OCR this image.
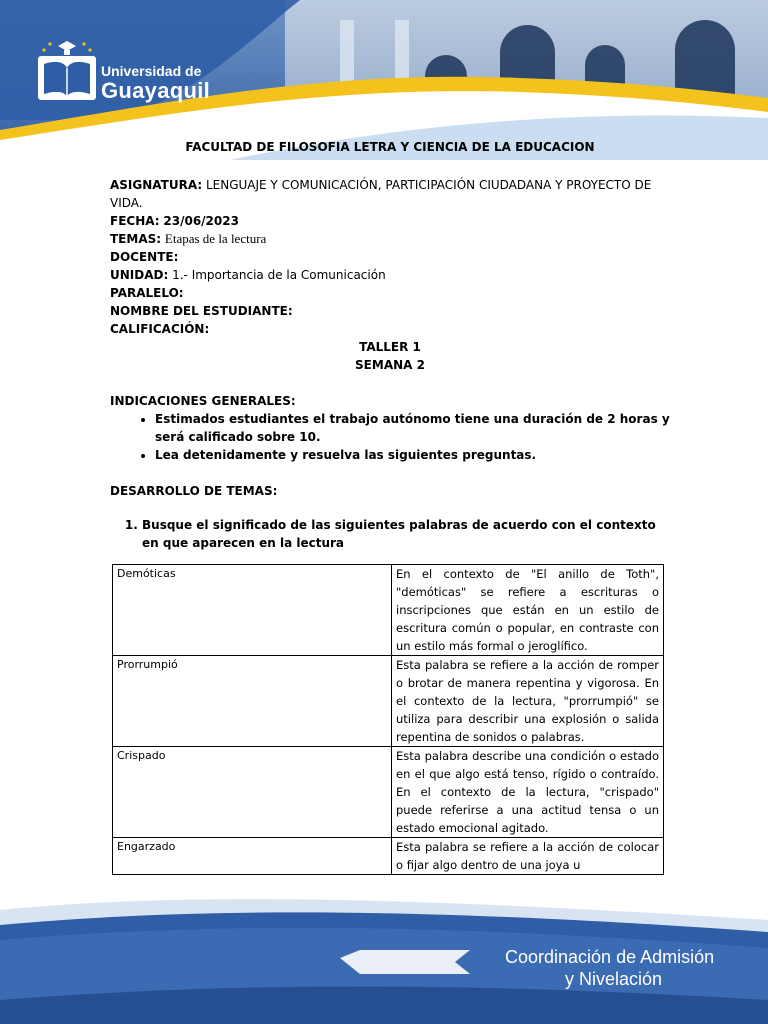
Universidad de
Guayaquil

FACULTAD DE FILOSOFIA LETRA Y CIENCIA DE LA EDUCACION

ASIGNATURA: LENGUAJE Y COMUNICACIÓN, PARTICIPACIÓN CIUDADANA Y PROYECTO DE VIDA.

FECHA: 23/06/2023

TEMAS: Etapas de la lectura

DOCENTE:

UNIDAD: 1.- Importancia de la Comunicación

PARALELO:

NOMBRE DEL ESTUDIANTE:

CALIFICACIÓN:

TALLER 1

SEMANA 2

INDICACIONES GENERALES:

• Estimados estudiantes el trabajo autónomo tiene una duración de 2 horas y será calificado sobre 10.
• Lea detenidamente y resuelva las siguientes preguntas.

DESARROLLO DE TEMAS:

1. Busque el significado de las siguientes palabras de acuerdo con el contexto en que aparecen en la lectura
Demóticas	En el contexto de "El anillo de Toth", "demóticas" se refiere a escrituras o inscripciones que están en un estilo de escritura común o popular, en contraste con un estilo más formal o jeroglífico.
Prorrumpió	Esta palabra se refiere a la acción de romper o brotar de manera repentina y vigorosa. En el contexto de la lectura, "prorrumpió" se utiliza para describir una explosión o salida repentina de sonidos o palabras.
Crispado	Esta palabra describe una condición o estado en el que algo está tenso, rígido o contraído. En el contexto de la lectura, "crispado" puede referirse a una actitud tensa o un estado emocional agitado.
Engarzado	Esta palabra se refiere a la acción de colocar o fijar algo dentro de una joya u
Coordinación de Admisión
y Nivelación
